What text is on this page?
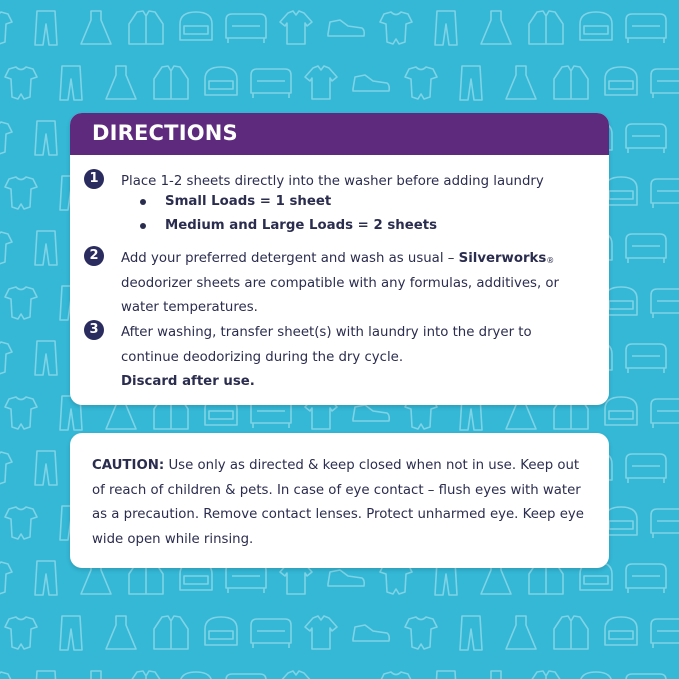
DIRECTIONS
1	Place 1-2 sheets directly into the washer before adding laundry
Small Loads = 1 sheet
Medium and Large Loads = 2 sheets
2	Add your preferred detergent and wash as usual – Silverworks® deodorizer sheets are compatible with any formulas, additives, or water temperatures.
3	After washing, transfer sheet(s) with laundry into the dryer to continue deodorizing during the dry cycle.
Discard after use.
CAUTION: Use only as directed & keep closed when not in use. Keep out of reach of children & pets. In case of eye contact – flush eyes with water as a precaution. Remove contact lenses. Protect unharmed eye. Keep eye wide open while rinsing.
